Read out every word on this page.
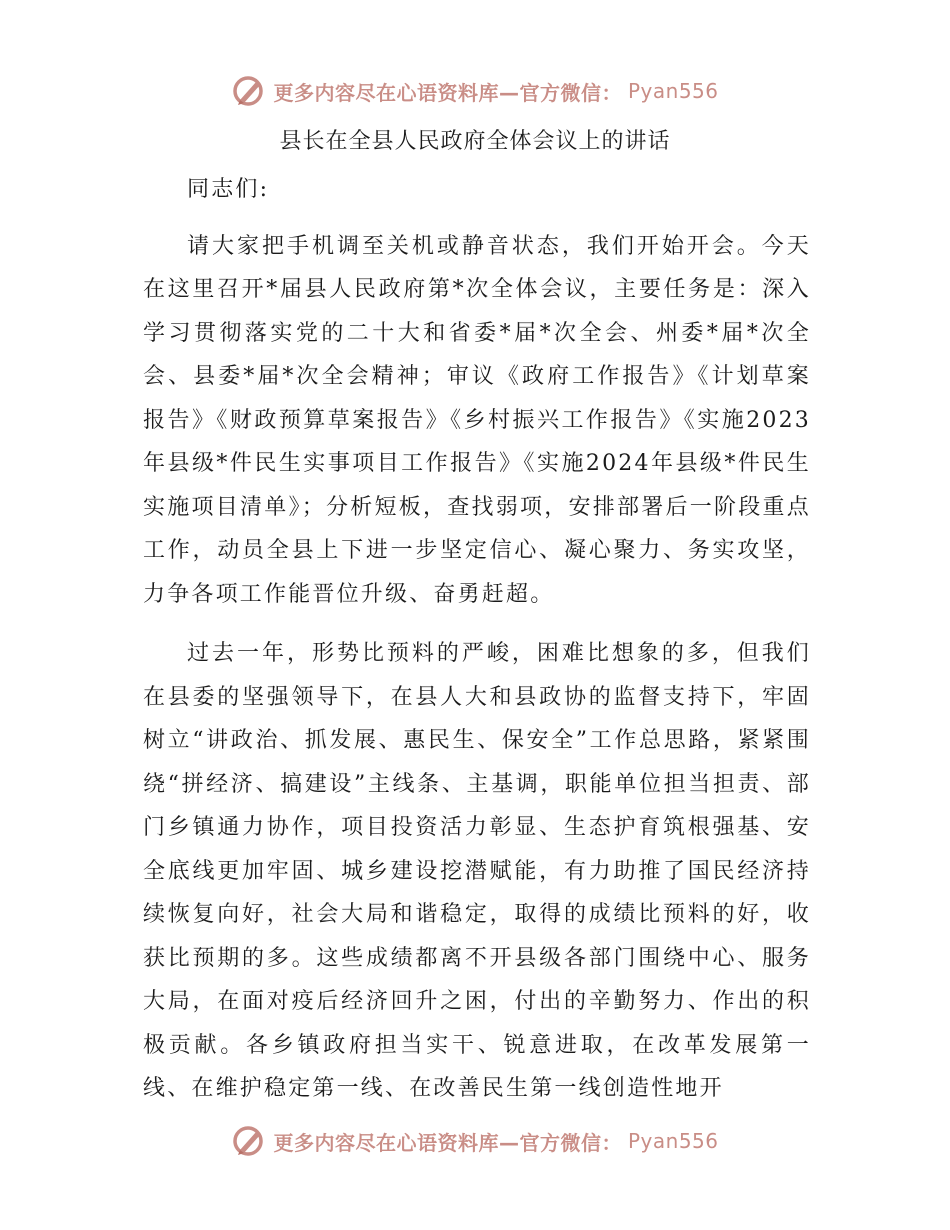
更多内容尽在心语资料库—官方微信： Pyan556
县长在全县人民政府全体会议上的讲话

同志们:

请大家把手机调至关机或静音状态，我们开始开会。今天在这里召开*届县人民政府第*次全体会议，主要任务是：深入学习贯彻落实党的二十大和省委*届*次全会、州委*届*次全会、县委*届*次全会精神；审议《政府工作报告》《计划草案报告》《财政预算草案报告》《乡村振兴工作报告》《实施2023年县级*件民生实事项目工作报告》《实施2024年县级*件民生实施项目清单》；分析短板，查找弱项，安排部署后一阶段重点工作，动员全县上下进一步坚定信心、凝心聚力、务实攻坚，力争各项工作能晋位升级、奋勇赶超。

过去一年，形势比预料的严峻，困难比想象的多，但我们在县委的坚强领导下，在县人大和县政协的监督支持下，牢固树立“讲政治、抓发展、惠民生、保安全”工作总思路，紧紧围绕“拼经济、搞建设”主线条、主基调，职能单位担当担责、部门乡镇通力协作，项目投资活力彰显、生态护育筑根强基、安全底线更加牢固、城乡建设挖潜赋能，有力助推了国民经济持续恢复向好，社会大局和谐稳定，取得的成绩比预料的好，收获比预期的多。这些成绩都离不开县级各部门围绕中心、服务大局，在面对疫后经济回升之困，付出的辛勤努力、作出的积极贡献。各乡镇政府担当实干、锐意进取，在改革发展第一线、在维护稳定第一线、在改善民生第一线创造性地开

更多内容尽在心语资料库—官方微信： Pyan556
